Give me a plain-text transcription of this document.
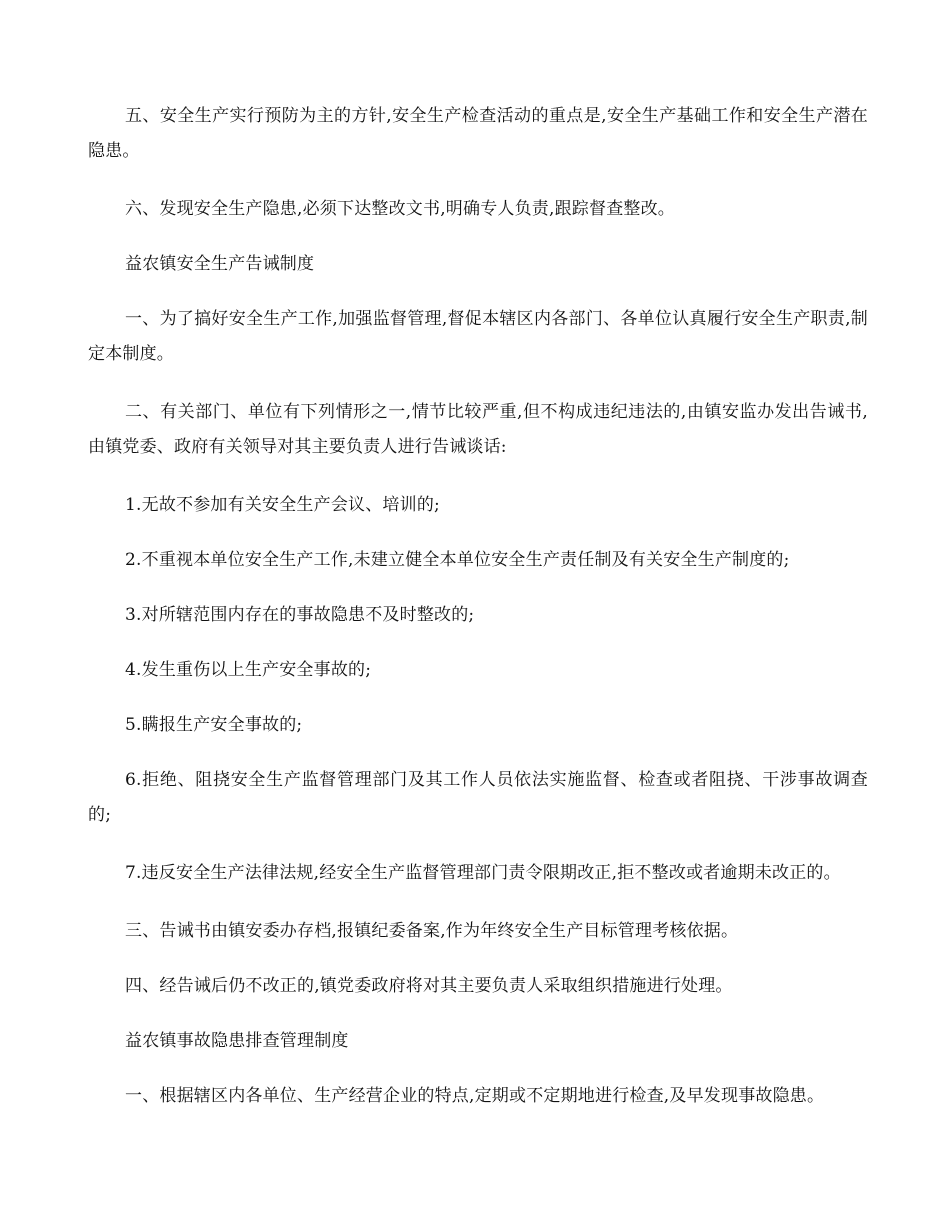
五、安全生产实行预防为主的方针,安全生产检查活动的重点是,安全生产基础工作和安全生产潜在隐患。

六、发现安全生产隐患,必须下达整改文书,明确专人负责,跟踪督查整改。

益农镇安全生产告诫制度

一、为了搞好安全生产工作,加强监督管理,督促本辖区内各部门、各单位认真履行安全生产职责,制定本制度。

二、有关部门、单位有下列情形之一,情节比较严重,但不构成违纪违法的,由镇安监办发出告诫书,由镇党委、政府有关领导对其主要负责人进行告诫谈话:

1.无故不参加有关安全生产会议、培训的;

2.不重视本单位安全生产工作,未建立健全本单位安全生产责任制及有关安全生产制度的;

3.对所辖范围内存在的事故隐患不及时整改的;

4.发生重伤以上生产安全事故的;

5.瞒报生产安全事故的;

6.拒绝、阻挠安全生产监督管理部门及其工作人员依法实施监督、检查或者阻挠、干涉事故调查的;

7.违反安全生产法律法规,经安全生产监督管理部门责令限期改正,拒不整改或者逾期未改正的。

三、告诫书由镇安委办存档,报镇纪委备案,作为年终安全生产目标管理考核依据。

四、经告诫后仍不改正的,镇党委政府将对其主要负责人采取组织措施进行处理。

益农镇事故隐患排查管理制度

一、根据辖区内各单位、生产经营企业的特点,定期或不定期地进行检查,及早发现事故隐患。
